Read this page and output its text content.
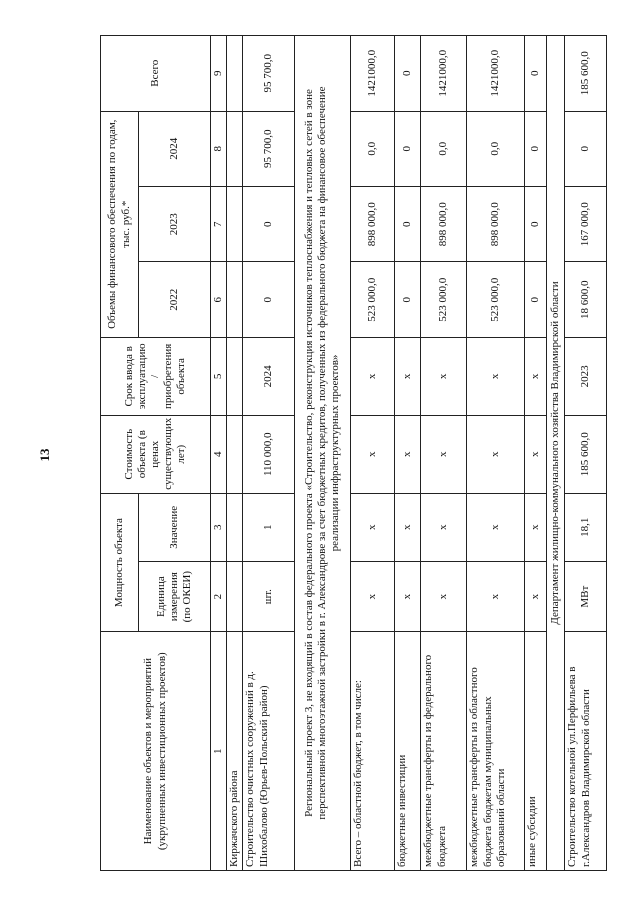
13
Наименование объектов и мероприятий (укрупненных инвестиционных проектов)	Мощность объекта		Стоимость объекта (в ценах существующих лет)	Срок ввода в эксплуатацию / приобретения объекта	Объемы финансового обеспечения по годам, тыс. руб.*			Всего
	Единица измерения (по ОКЕИ)	Значение			2022	2023	2024	
1	2	3	4	5	6	7	8	9
Киржачского района								
Строительство очистных сооружений в д. Шихобалово (Юрьев-Польский район)	шт.	1	110 000,0	2024	0	0	95 700,0	95 700,0
Региональный проект 3, не входящий в состав федерального проекта «Строительство, реконструкция источников теплоснабжения и тепловых сетей в зоне перспективной многоэтажной застройки в г. Александрове за счет бюджетных кредитов, полученных из федерального бюджета на финансовое обеспечение реализации инфраструктурных проектов»								
Всего – областной бюджет, в том числе:	х	х	х	х	523 000,0	898 000,0	0,0	1421000,0
бюджетные инвестиции	х	х	х	х	0	0	0	0
межбюджетные трансферты из федерального бюджета	х	х	х	х	523 000,0	898 000,0	0,0	1421000,0
межбюджетные трансферты из областного бюджета бюджетам муниципальных образований области	х	х	х	х	523 000,0	898 000,0	0,0	1421000,0
иные субсидии	х	х	х	х	0	0	0	0
Департамент жилищно-коммунального хозяйства Владимирской области								
Строительство котельной ул.Перфильева в г.Александров Владимирской области	МВт	18,1	185 600,0	2023	18 600,0	167 000,0	0	185 600,0
